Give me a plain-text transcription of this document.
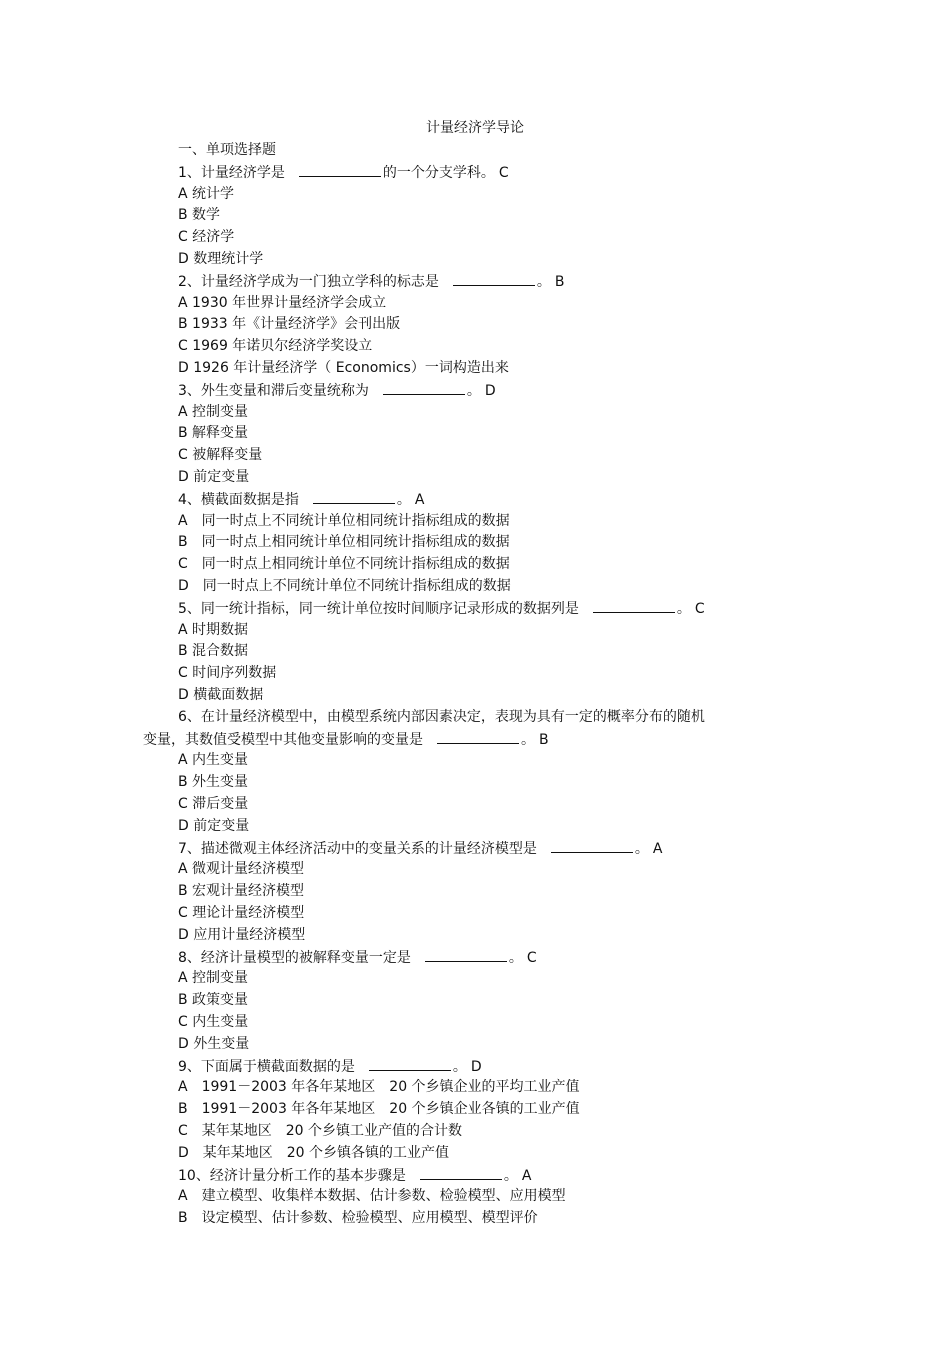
计量经济学导论
一、单项选择题
1、计量经济学是	的一个分支学科。 C
A 统计学
B 数学
C 经济学
D 数理统计学
2、计量经济学成为一门独立学科的标志是	。 B
A 1930 年世界计量经济学会成立
B 1933 年《计量经济学》会刊出版
C 1969 年诺贝尔经济学奖设立
D 1926 年计量经济学（ Economics）一词构造出来
3、外生变量和滞后变量统称为	。 D
A 控制变量
B 解释变量
C 被解释变量
D 前定变量
4、横截面数据是指	。 A
A　同一时点上不同统计单位相同统计指标组成的数据
B　同一时点上相同统计单位相同统计指标组成的数据
C　同一时点上相同统计单位不同统计指标组成的数据
D　同一时点上不同统计单位不同统计指标组成的数据
5、同一统计指标，同一统计单位按时间顺序记录形成的数据列是	。 C
A 时期数据
B 混合数据
C 时间序列数据
D 横截面数据
6、在计量经济模型中，由模型系统内部因素决定，表现为具有一定的概率分布的随机
变量，其数值受模型中其他变量影响的变量是	。 B
A 内生变量
B 外生变量
C 滞后变量
D 前定变量
7、描述微观主体经济活动中的变量关系的计量经济模型是	。 A
A 微观计量经济模型
B 宏观计量经济模型
C 理论计量经济模型
D 应用计量经济模型
8、经济计量模型的被解释变量一定是	。 C
A 控制变量
B 政策变量
C 内生变量
D 外生变量
9、下面属于横截面数据的是	。 D
A　1991－2003 年各年某地区　20 个乡镇企业的平均工业产值
B　1991－2003 年各年某地区　20 个乡镇企业各镇的工业产值
C　某年某地区　20 个乡镇工业产值的合计数
D　某年某地区　20 个乡镇各镇的工业产值
10、经济计量分析工作的基本步骤是	。 A
A　建立模型、收集样本数据、估计参数、检验模型、应用模型
B　设定模型、估计参数、检验模型、应用模型、模型评价
